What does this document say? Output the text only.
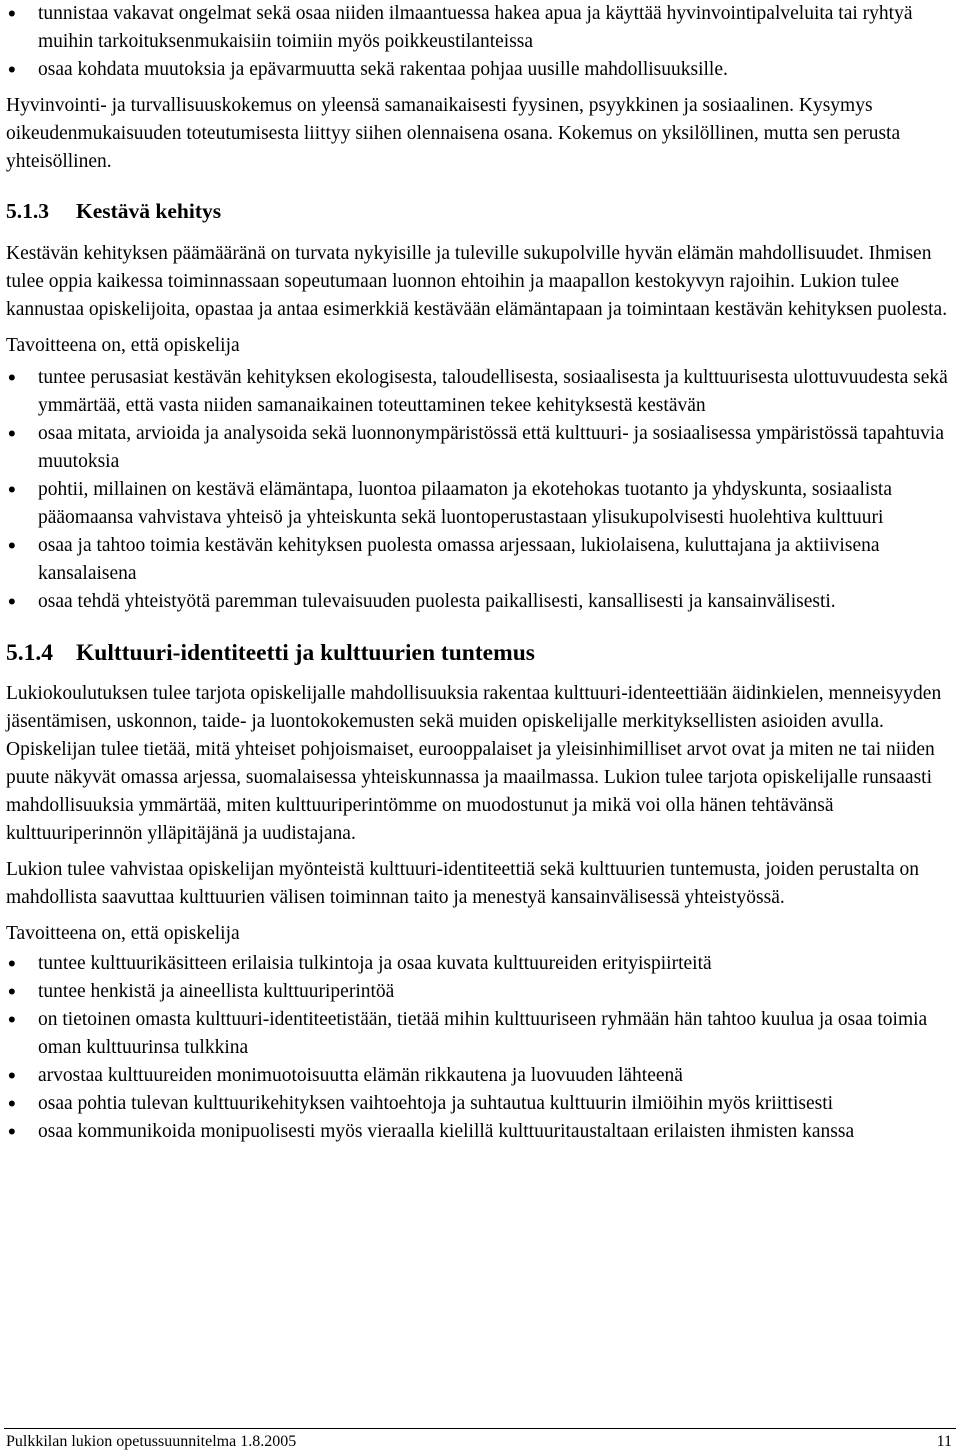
• tunnistaa vakavat ongelmat sekä osaa niiden ilmaantuessa hakea apua ja käyttää hyvinvointipalveluita tai ryhtyä muihin tarkoituksenmukaisiin toimiin myös poikkeustilanteissa
• osaa kohdata muutoksia ja epävarmuutta sekä rakentaa pohjaa uusille mahdollisuuksille.

Hyvinvointi- ja turvallisuuskokemus on yleensä samanaikaisesti fyysinen, psyykkinen ja sosiaalinen. Kysymys oikeudenmukaisuuden toteutumisesta liittyy siihen olennaisena osana. Kokemus on yksilöllinen, mutta sen perusta yhteisöllinen.

5.1.3 Kestävä kehitys

Kestävän kehityksen päämääränä on turvata nykyisille ja tuleville sukupolville hyvän elämän mahdollisuudet. Ihmisen tulee oppia kaikessa toiminnassaan sopeutumaan luonnon ehtoihin ja maapallon kestokyvyn rajoihin. Lukion tulee kannustaa opiskelijoita, opastaa ja antaa esimerkkiä kestävään elämäntapaan ja toimintaan kestävän kehityksen puolesta.

Tavoitteena on, että opiskelija

• tuntee perusasiat kestävän kehityksen ekologisesta, taloudellisesta, sosiaalisesta ja kulttuurisesta ulottuvuudesta sekä ymmärtää, että vasta niiden samanaikainen toteuttaminen tekee kehityksestä kestävän
• osaa mitata, arvioida ja analysoida sekä luonnonympäristössä että kulttuuri- ja sosiaalisessa ympäristössä tapahtuvia muutoksia
• pohtii, millainen on kestävä elämäntapa, luontoa pilaamaton ja ekotehokas tuotanto ja yhdyskunta, sosiaalista pääomaansa vahvistava yhteisö ja yhteiskunta sekä luontoperustastaan ylisukupolvisesti huolehtiva kulttuuri
• osaa ja tahtoo toimia kestävän kehityksen puolesta omassa arjessaan, lukiolaisena, kuluttajana ja aktiivisena kansalaisena
• osaa tehdä yhteistyötä paremman tulevaisuuden puolesta paikallisesti, kansallisesti ja kansainvälisesti.
5.1.4 Kulttuuri-identiteetti ja kulttuurien tuntemus

Lukiokoulutuksen tulee tarjota opiskelijalle mahdollisuuksia rakentaa kulttuuri-identeettiään äidinkielen, menneisyyden jäsentämisen, uskonnon, taide- ja luontokokemusten sekä muiden opiskelijalle merkityksellisten asioiden avulla. Opiskelijan tulee tietää, mitä yhteiset pohjoismaiset, eurooppalaiset ja yleisinhimilliset arvot ovat ja miten ne tai niiden puute näkyvät omassa arjessa, suomalaisessa yhteiskunnassa ja maailmassa. Lukion tulee tarjota opiskelijalle runsaasti mahdollisuuksia ymmärtää, miten kulttuuriperintömme on muodostunut ja mikä voi olla hänen tehtävänsä kulttuuriperinnön ylläpitäjänä ja uudistajana.

Lukion tulee vahvistaa opiskelijan myönteistä kulttuuri-identiteettiä sekä kulttuurien tuntemusta, joiden perustalta on mahdollista saavuttaa kulttuurien välisen toiminnan taito ja menestyä kansainvälisessä yhteistyössä.

Tavoitteena on, että opiskelija

• tuntee kulttuurikäsitteen erilaisia tulkintoja ja osaa kuvata kulttuureiden erityispiirteitä
• tuntee henkistä ja aineellista kulttuuriperintöä
• on tietoinen omasta kulttuuri-identiteetistään, tietää mihin kulttuuriseen ryhmään hän tahtoo kuulua ja osaa toimia oman kulttuurinsa tulkkina
• arvostaa kulttuureiden monimuotoisuutta elämän rikkautena ja luovuuden lähteenä
• osaa pohtia tulevan kulttuurikehityksen vaihtoehtoja ja suhtautua kulttuurin ilmiöihin myös kriittisesti
• osaa kommunikoida monipuolisesti myös vieraalla kielillä kulttuuritaustaltaan erilaisten ihmisten kanssa
Pulkkilan lukion opetussuunnitelma 1.8.2005	11
